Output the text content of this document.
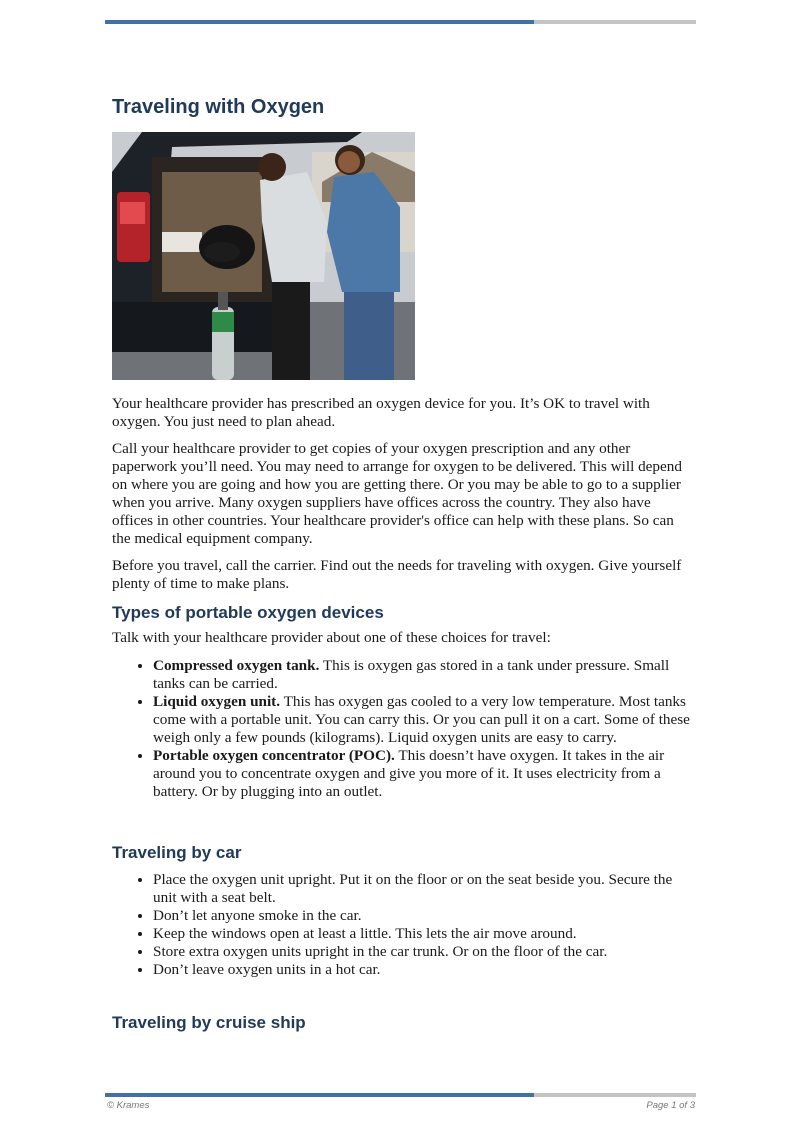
Traveling with Oxygen

Your healthcare provider has prescribed an oxygen device for you. It’s OK to travel with oxygen. You just need to plan ahead.

Call your healthcare provider to get copies of your oxygen prescription and any other paperwork you’ll need. You may need to arrange for oxygen to be delivered. This will depend on where you are going and how you are getting there. Or you may be able to go to a supplier when you arrive. Many oxygen suppliers have offices across the country. They also have offices in other countries. Your healthcare provider's office can help with these plans. So can the medical equipment company.

Before you travel, call the carrier. Find out the needs for traveling with oxygen. Give yourself plenty of time to make plans.

Types of portable oxygen devices

Talk with your healthcare provider about one of these choices for travel:

• Compressed oxygen tank. This is oxygen gas stored in a tank under pressure. Small tanks can be carried.
• Liquid oxygen unit. This has oxygen gas cooled to a very low temperature. Most tanks come with a portable unit. You can carry this. Or you can pull it on a cart. Some of these weigh only a few pounds (kilograms). Liquid oxygen units are easy to carry.
• Portable oxygen concentrator (POC). This doesn’t have oxygen. It takes in the air around you to concentrate oxygen and give you more of it. It uses electricity from a battery. Or by plugging into an outlet.
Traveling by car
• Place the oxygen unit upright. Put it on the floor or on the seat beside you. Secure the unit with a seat belt.
• Don’t let anyone smoke in the car.
• Keep the windows open at least a little. This lets the air move around.
• Store extra oxygen units upright in the car trunk. Or on the floor of the car.
• Don’t leave oxygen units in a hot car.
Traveling by cruise ship
© Krames	Page 1 of 3
